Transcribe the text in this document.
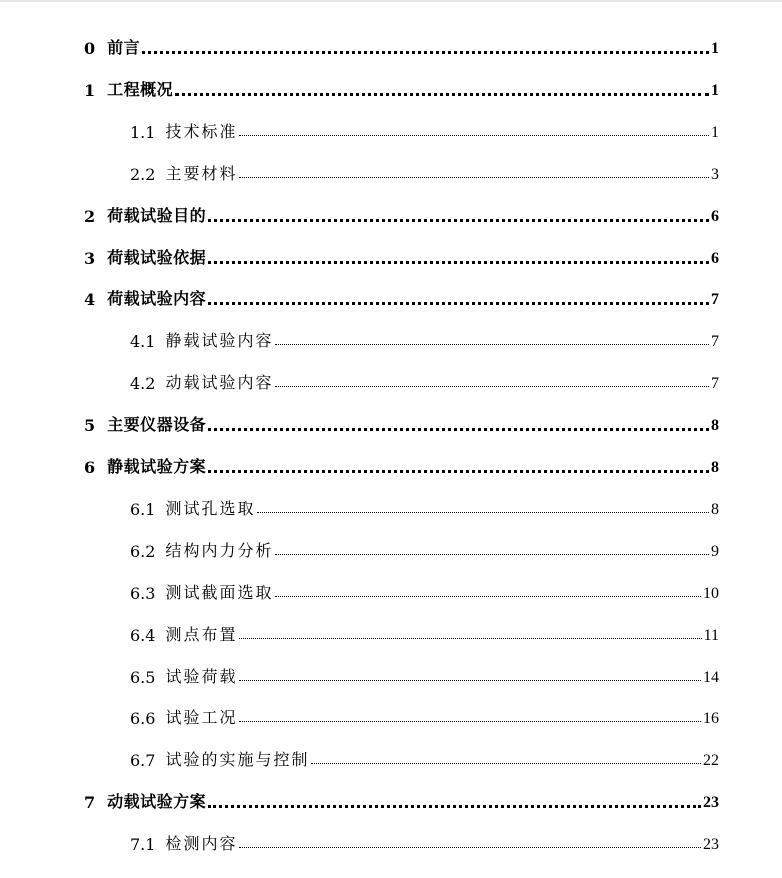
0 前言	1
1 工程概况	1
1.1 技术标准	1
2.2 主要材料	3
2 荷载试验目的	6
3 荷载试验依据	6
4 荷载试验内容	7
4.1 静载试验内容	7
4.2 动载试验内容	7
5 主要仪器设备	8
6 静载试验方案	8
6.1 测试孔选取	8
6.2 结构内力分析	9
6.3 测试截面选取	10
6.4 测点布置	11
6.5 试验荷载	14
6.6 试验工况	16
6.7 试验的实施与控制	22
7 动载试验方案	23
7.1 检测内容	23
